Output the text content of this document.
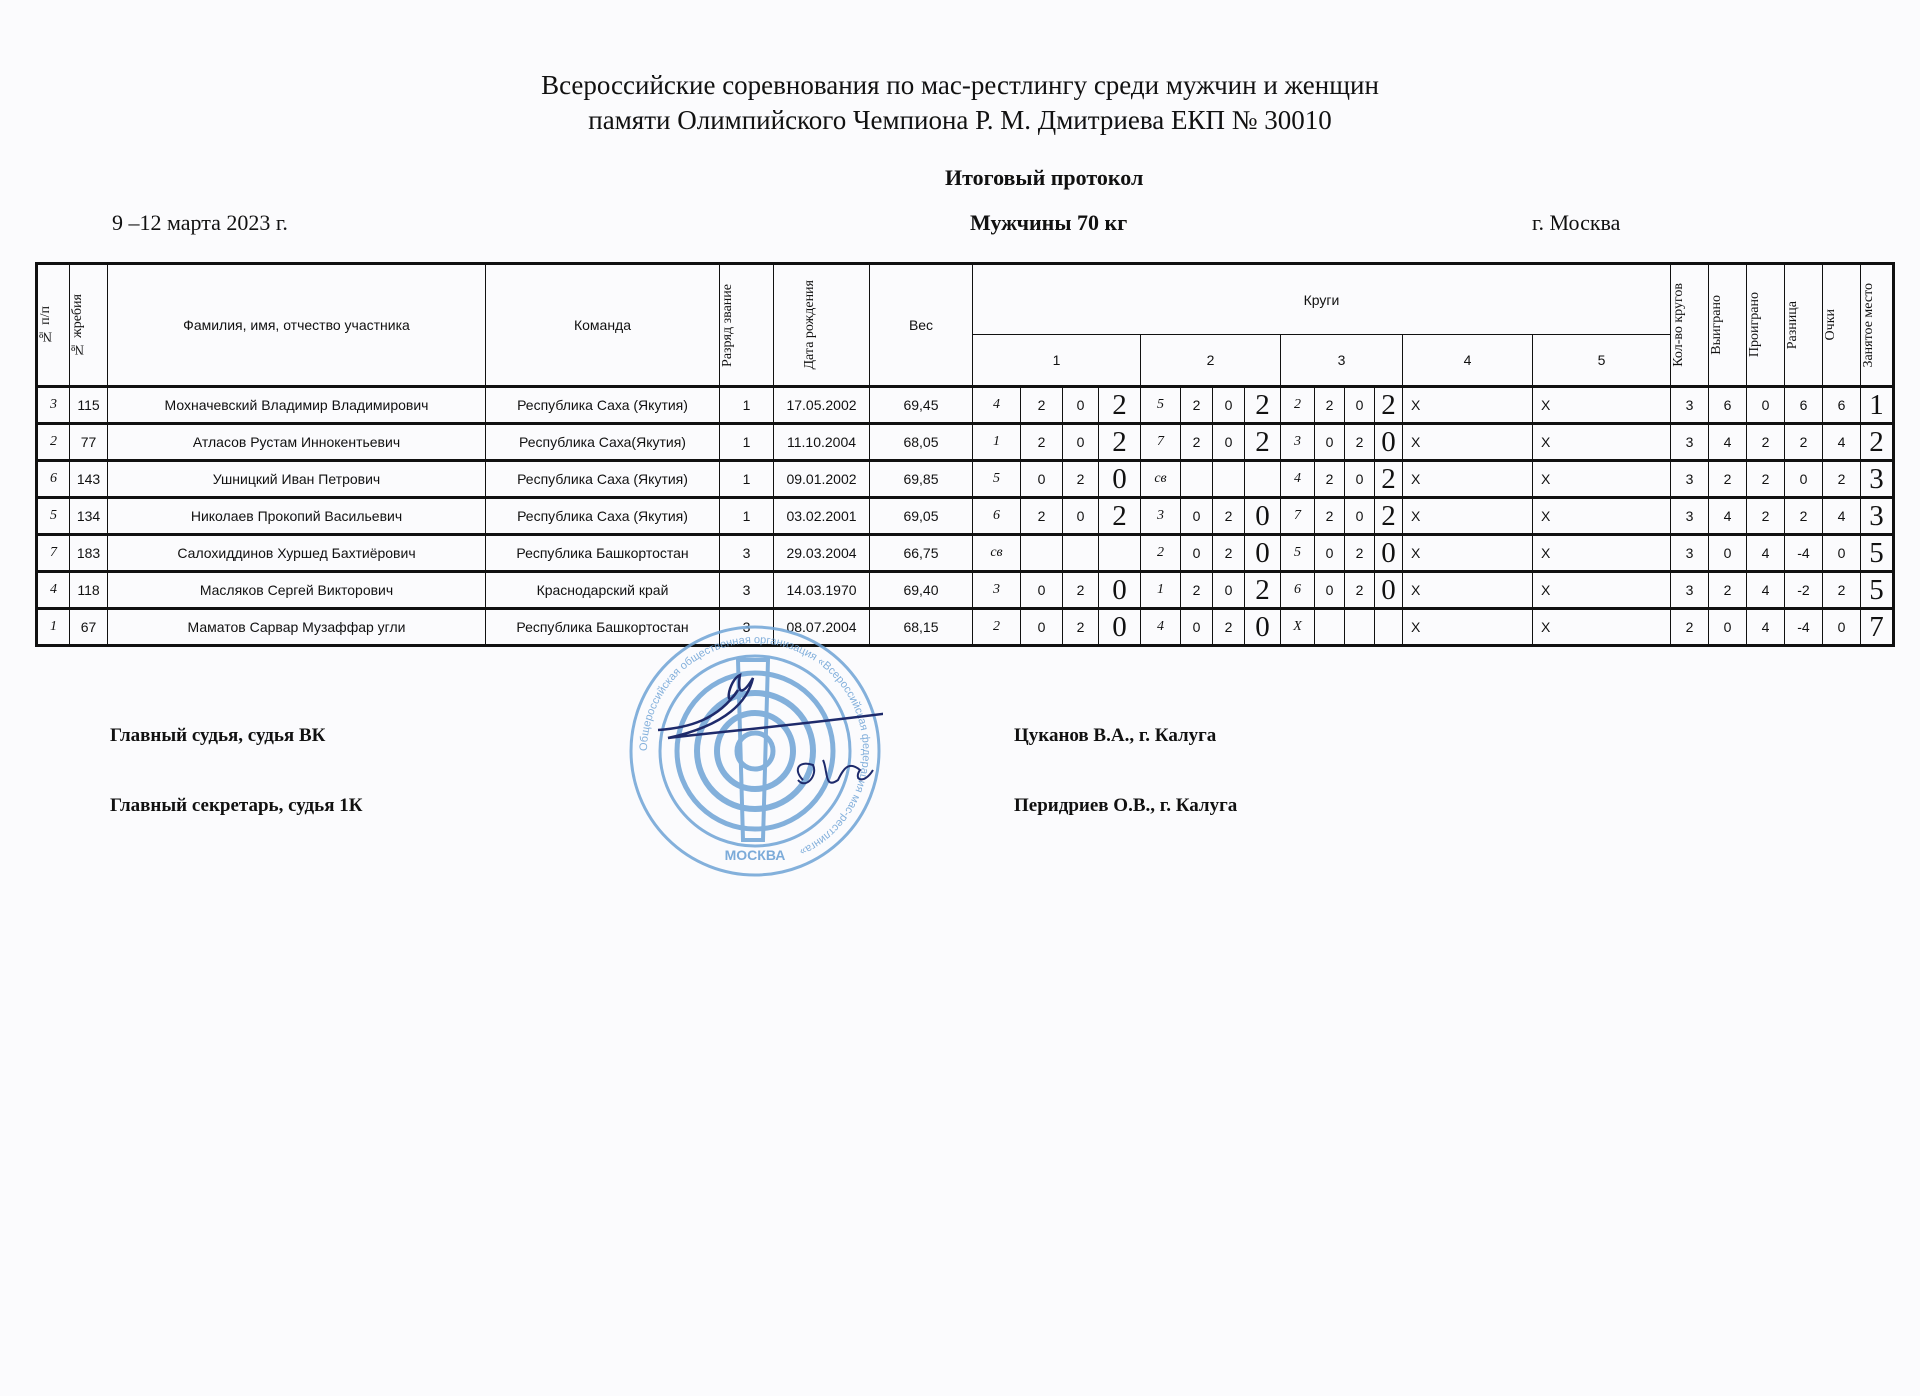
Всероссийские соревнования по мас-рестлингу среди мужчин и женщин
памяти Олимпийского Чемпиона Р. М. Дмитриева ЕКП № 30010
Итоговый протокол
9 –12 марта 2023 г.	Мужчины 70 кг	г. Москва
№ п/п	№ жребия	Фамилия, имя, отчество участника	Команда	Разряд звание	Дата рождения	Вес	Круги														Кол-во кругов	Выиграно	Проиграно	Разница	Очки	Занятое место

							1				2				3				4	5						
3	115	Мохначевский Владимир Владимирович	Республика Саха (Якутия)	1	17.05.2002	69,45	4	2	0	2	5	2	0	2	2	2	0	2	X	X	3	6	0	6	6	1
2	77	Атласов Рустам Иннокентьевич	Республика Саха(Якутия)	1	11.10.2004	68,05	1	2	0	2	7	2	0	2	3	0	2	0	X	X	3	4	2	2	4	2
6	143	Ушницкий Иван Петрович	Республика Саха (Якутия)	1	09.01.2002	69,85	5	0	2	0	св				4	2	0	2	X	X	3	2	2	0	2	3
5	134	Николаев Прокопий Васильевич	Республика Саха (Якутия)	1	03.02.2001	69,05	6	2	0	2	3	0	2	0	7	2	0	2	X	X	3	4	2	2	4	3
7	183	Салохиддинов Хуршед Бахтиёрович	Республика Башкортостан	3	29.03.2004	66,75	св				2	0	2	0	5	0	2	0	X	X	3	0	4	-4	0	5
4	118	Масляков Сергей Викторович	Краснодарский край	3	14.03.1970	69,40	3	0	2	0	1	2	0	2	6	0	2	0	X	X	3	2	4	-2	2	5
1	67	Маматов Сарвар Музаффар угли	Республика Башкортостан	3	08.07.2004	68,15	2	0	2	0	4	0	2	0	X				X	X	2	0	4	-4	0	7
Главный судья, судья ВК	Цуканов В.А., г. Калуга
Главный секретарь, судья 1К	Перидриев О.В., г. Калуга
Общероссийская общественная организация «Всероссийская федерация мас-рестлинга»
МОСКВА
